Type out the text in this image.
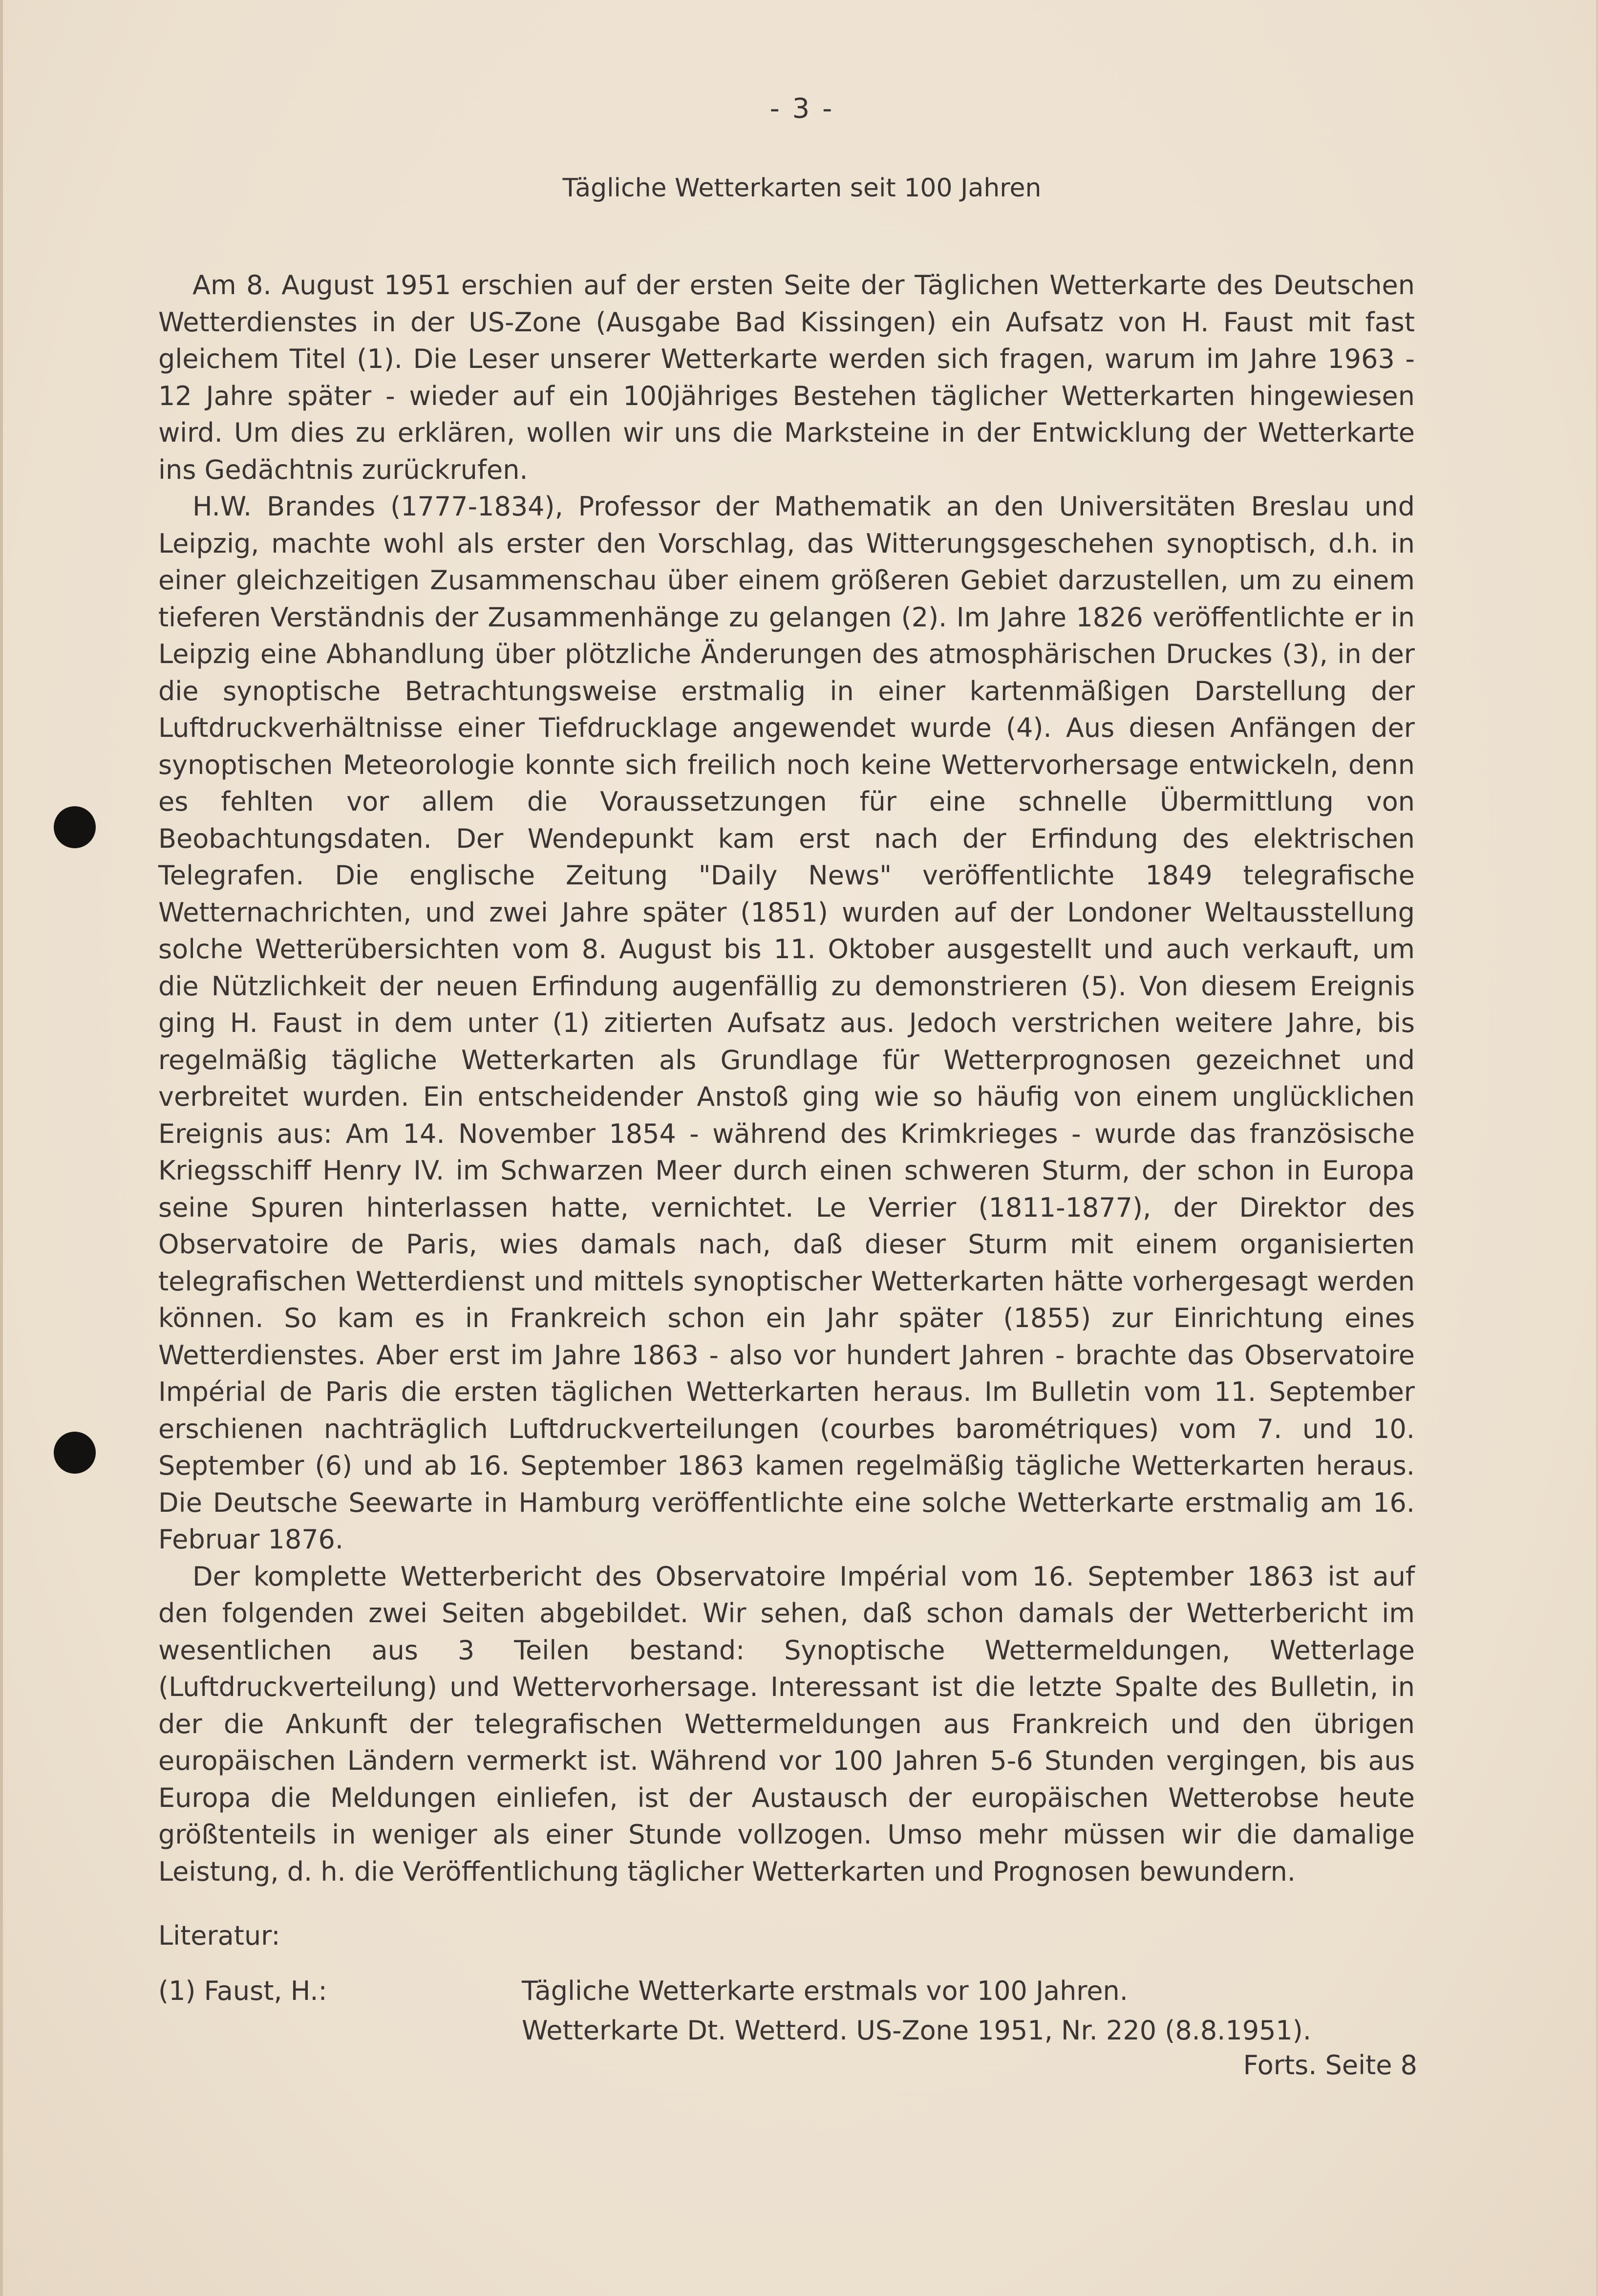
- 3 -
Tägliche Wetterkarten seit 100 Jahren

Am 8. August 1951 erschien auf der ersten Seite der Täglichen Wetterkarte des Deutschen Wetterdienstes in der US-Zone (Ausgabe Bad Kissingen) ein Aufsatz von H. Faust mit fast gleichem Titel (1). Die Leser unserer Wetterkarte werden sich fragen, warum im Jahre 1963 - 12 Jahre später - wieder auf ein 100jähriges Bestehen täglicher Wetterkarten hingewiesen wird. Um dies zu erklären, wollen wir uns die Marksteine in der Entwicklung der Wetterkarte ins Gedächtnis zurückrufen.

H.W. Brandes (1777-1834), Professor der Mathematik an den Universitäten Breslau und Leipzig, machte wohl als erster den Vorschlag, das Witterungsgeschehen synoptisch, d.h. in einer gleichzeitigen Zusammenschau über einem größeren Gebiet darzustellen, um zu einem tieferen Verständnis der Zusammenhänge zu gelangen (2). Im Jahre 1826 veröffentlichte er in Leipzig eine Abhandlung über plötzliche Änderungen des atmosphärischen Druckes (3), in der die synoptische Betrachtungsweise erstmalig in einer kartenmäßigen Darstellung der Luftdruckverhältnisse einer Tiefdrucklage angewendet wurde (4). Aus diesen Anfängen der synoptischen Meteorologie konnte sich freilich noch keine Wettervorhersage entwickeln, denn es fehlten vor allem die Voraussetzungen für eine schnelle Übermittlung von Beobachtungsdaten. Der Wendepunkt kam erst nach der Erfindung des elektrischen Telegrafen. Die englische Zeitung "Daily News" veröffentlichte 1849 telegrafische Wetternachrichten, und zwei Jahre später (1851) wurden auf der Londoner Weltausstellung solche Wetterübersichten vom 8. August bis 11. Oktober ausgestellt und auch verkauft, um die Nützlichkeit der neuen Erfindung augenfällig zu demonstrieren (5). Von diesem Ereignis ging H. Faust in dem unter (1) zitierten Aufsatz aus. Jedoch verstrichen weitere Jahre, bis regelmäßig tägliche Wetterkarten als Grundlage für Wetterprognosen gezeichnet und verbreitet wurden. Ein entscheidender Anstoß ging wie so häufig von einem unglücklichen Ereignis aus: Am 14. November 1854 - während des Krimkrieges - wurde das französische Kriegsschiff Henry IV. im Schwarzen Meer durch einen schweren Sturm, der schon in Europa seine Spuren hinterlassen hatte, vernichtet. Le Verrier (1811-1877), der Direktor des Observatoire de Paris, wies damals nach, daß dieser Sturm mit einem organisierten telegrafischen Wetterdienst und mittels synoptischer Wetterkarten hätte vorhergesagt werden können. So kam es in Frankreich schon ein Jahr später (1855) zur Einrichtung eines Wetterdienstes. Aber erst im Jahre 1863 - also vor hundert Jahren - brachte das Observatoire Impérial de Paris die ersten täglichen Wetterkarten heraus. Im Bulletin vom 11. September erschienen nachträglich Luftdruckverteilungen (courbes barométriques) vom 7. und 10. September (6) und ab 16. September 1863 kamen regelmäßig tägliche Wetterkarten heraus. Die Deutsche Seewarte in Hamburg veröffentlichte eine solche Wetterkarte erstmalig am 16. Februar 1876.

Der komplette Wetterbericht des Observatoire Impérial vom 16. September 1863 ist auf den folgenden zwei Seiten abgebildet. Wir sehen, daß schon damals der Wetterbericht im wesentlichen aus 3 Teilen bestand: Synoptische Wettermeldungen, Wetterlage (Luftdruckverteilung) und Wettervorhersage. Interessant ist die letzte Spalte des Bulletin, in der die Ankunft der telegrafischen Wettermeldungen aus Frankreich und den übrigen europäischen Ländern vermerkt ist. Während vor 100 Jahren 5-6 Stunden vergingen, bis aus Europa die Meldungen einliefen, ist der Austausch der europäischen Wetterobse heute größtenteils in weniger als einer Stunde vollzogen. Umso mehr müssen wir die damalige Leistung, d. h. die Veröffentlichung täglicher Wetterkarten und Prognosen bewundern.

Literatur:
(1) Faust, H.:	Tägliche Wetterkarte erstmals vor 100 Jahren.
Wetterkarte Dt. Wetterd. US-Zone 1951, Nr. 220 (8.8.1951).
Forts. Seite 8
